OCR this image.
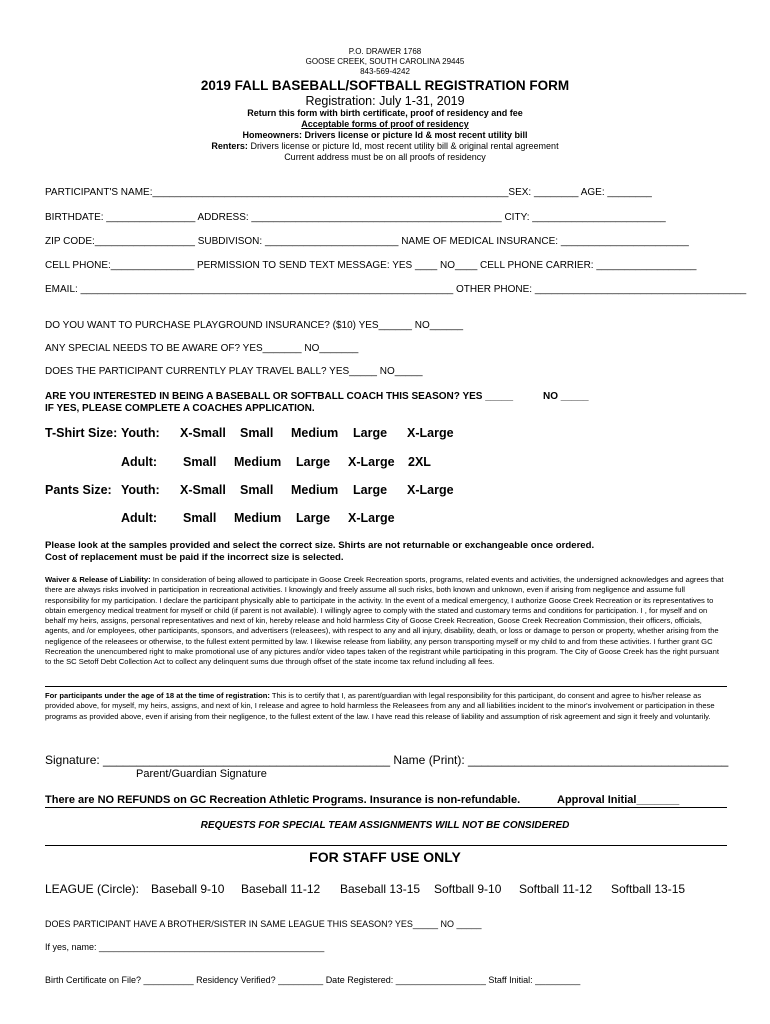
P.O. DRAWER 1768
GOOSE CREEK, SOUTH CAROLINA 29445
843-569-4242
2019 FALL BASEBALL/SOFTBALL REGISTRATION FORM
Registration: July 1-31, 2019
Return this form with birth certificate, proof of residency and fee
Acceptable forms of proof of residency
Homeowners: Drivers license or picture Id & most recent utility bill
Renters: Drivers license or picture Id, most recent utility bill & original rental agreement
Current address must be on all proofs of residency
PARTICIPANT'S NAME:________________________________________________________________SEX: ________ AGE: ________
BIRTHDATE: ________________ ADDRESS: _____________________________________________ CITY: ________________________
ZIP CODE:__________________ SUBDIVISON: ________________________ NAME OF MEDICAL INSURANCE: _______________________
CELL PHONE:_______________ PERMISSION TO SEND TEXT MESSAGE: YES ____ NO____ CELL PHONE CARRIER: __________________
EMAIL: ___________________________________________________________________ OTHER PHONE: ______________________________________
DO YOU WANT TO PURCHASE PLAYGROUND INSURANCE? ($10) YES______ NO______
ANY SPECIAL NEEDS TO BE AWARE OF? YES_______ NO_______
DOES THE PARTICIPANT CURRENTLY PLAY TRAVEL BALL? YES_____ NO_____
ARE YOU INTERESTED IN BEING A BASEBALL OR SOFTBALL COACH THIS SEASON? YES _____	NO _____
IF YES, PLEASE COMPLETE A COACHES APPLICATION.
T-Shirt Size: Youth: X-Small Small Medium Large X-Large
Adult: Small Medium Large X-Large 2XL
Pants Size: Youth: X-Small Small Medium Large X-Large
Adult: Small Medium Large X-Large
Please look at the samples provided and select the correct size. Shirts are not returnable or exchangeable once ordered.
Cost of replacement must be paid if the incorrect size is selected.
Waiver & Release of Liability: In consideration of being allowed to participate in Goose Creek Recreation sports, programs, related events and activities, the undersigned acknowledges and agrees that there are always risks involved in participation in recreational activities. I knowingly and freely assume all such risks, both known and unknown, even if arising from negligence and assume full responsibility for my participation. I declare the participant physically able to participate in the activity. In the event of a medical emergency, I authorize Goose Creek Recreation or its representatives to obtain emergency medical treatment for myself or child (if parent is not available). I willingly agree to comply with the stated and customary terms and conditions for participation. I , for myself and on behalf my heirs, assigns, personal representatives and next of kin, hereby release and hold harmless City of Goose Creek Recreation, Goose Creek Recreation Commission, their officers, officials, agents, and /or employees, other participants, sponsors, and advertisers (releasees), with respect to any and all injury, disability, death, or loss or damage to person or property, whether arising from the negligence of the releasees or otherwise, to the fullest extent permitted by law. I likewise release from liability, any person transporting myself or my child to and from these activities. I further grant GC Recreation the unencumbered right to make promotional use of any pictures and/or video tapes taken of the registrant while participating in this program. The City of Goose Creek has the right pursuant to the SC Setoff Debt Collection Act to collect any delinquent sums due through offset of the state income tax refund including all fees.
For participants under the age of 18 at the time of registration: This is to certify that I, as parent/guardian with legal responsibility for this participant, do consent and agree to his/her release as provided above, for myself, my heirs, assigns, and next of kin, I release and agree to hold harmless the Releasees from any and all liabilities incident to the minor's involvement or participation in these programs as provided above, even if arising from their negligence, to the fullest extent of the law. I have read this release of liability and assumption of risk agreement and sign it freely and voluntarily.
Signature: ___________________________________________ Name (Print): _______________________________________
Parent/Guardian Signature
There are NO REFUNDS on GC Recreation Athletic Programs. Insurance is non-refundable.	Approval Initial_______
REQUESTS FOR SPECIAL TEAM ASSIGNMENTS WILL NOT BE CONSIDERED
FOR STAFF USE ONLY
LEAGUE (Circle): Baseball 9-10 Baseball 11-12 Baseball 13-15 Softball 9-10 Softball 11-12 Softball 13-15
DOES PARTICIPANT HAVE A BROTHER/SISTER IN SAME LEAGUE THIS SEASON? YES_____ NO _____
If yes, name: _____________________________________________
Birth Certificate on File? __________ Residency Verified? _________ Date Registered: __________________ Staff Initial: _________
